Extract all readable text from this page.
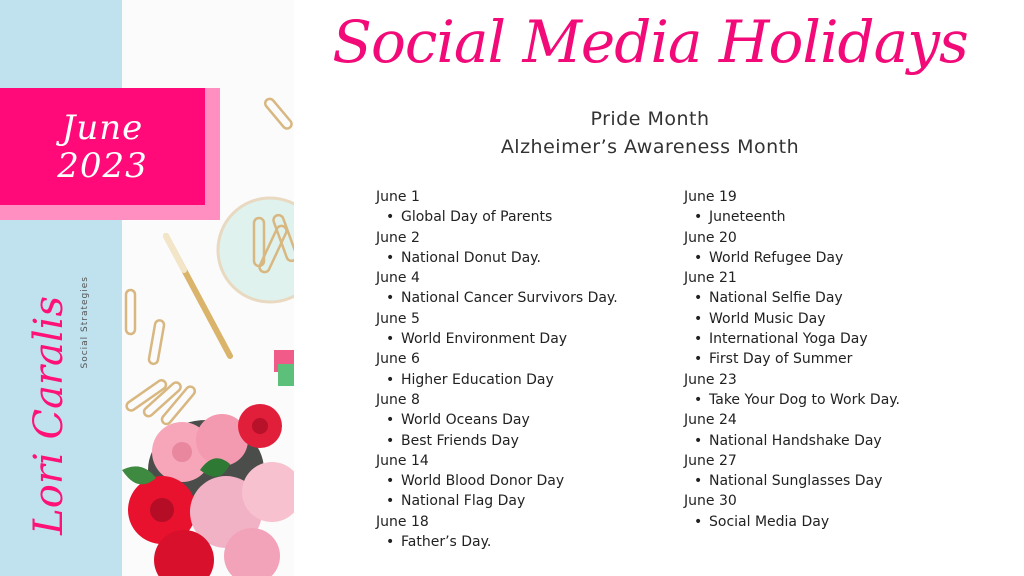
June
2023
Lori Caralis Social Strategies
Social Media Holidays
Pride Month
Alzheimer’s Awareness Month
June 1
• Global Day of Parents
June 2
• National Donut Day.
June 4
• National Cancer Survivors Day.
June 5
• World Environment Day
June 6
• Higher Education Day
June 8
• World Oceans Day
• Best Friends Day
June 14
• World Blood Donor Day
• National Flag Day
June 18
• Father’s Day.
June 19
• Juneteenth
June 20
• World Refugee Day
June 21
• National Selfie Day
• World Music Day
• International Yoga Day
• First Day of Summer
June 23
• Take Your Dog to Work Day.
June 24
• National Handshake Day
June 27
• National Sunglasses Day
June 30
• Social Media Day
